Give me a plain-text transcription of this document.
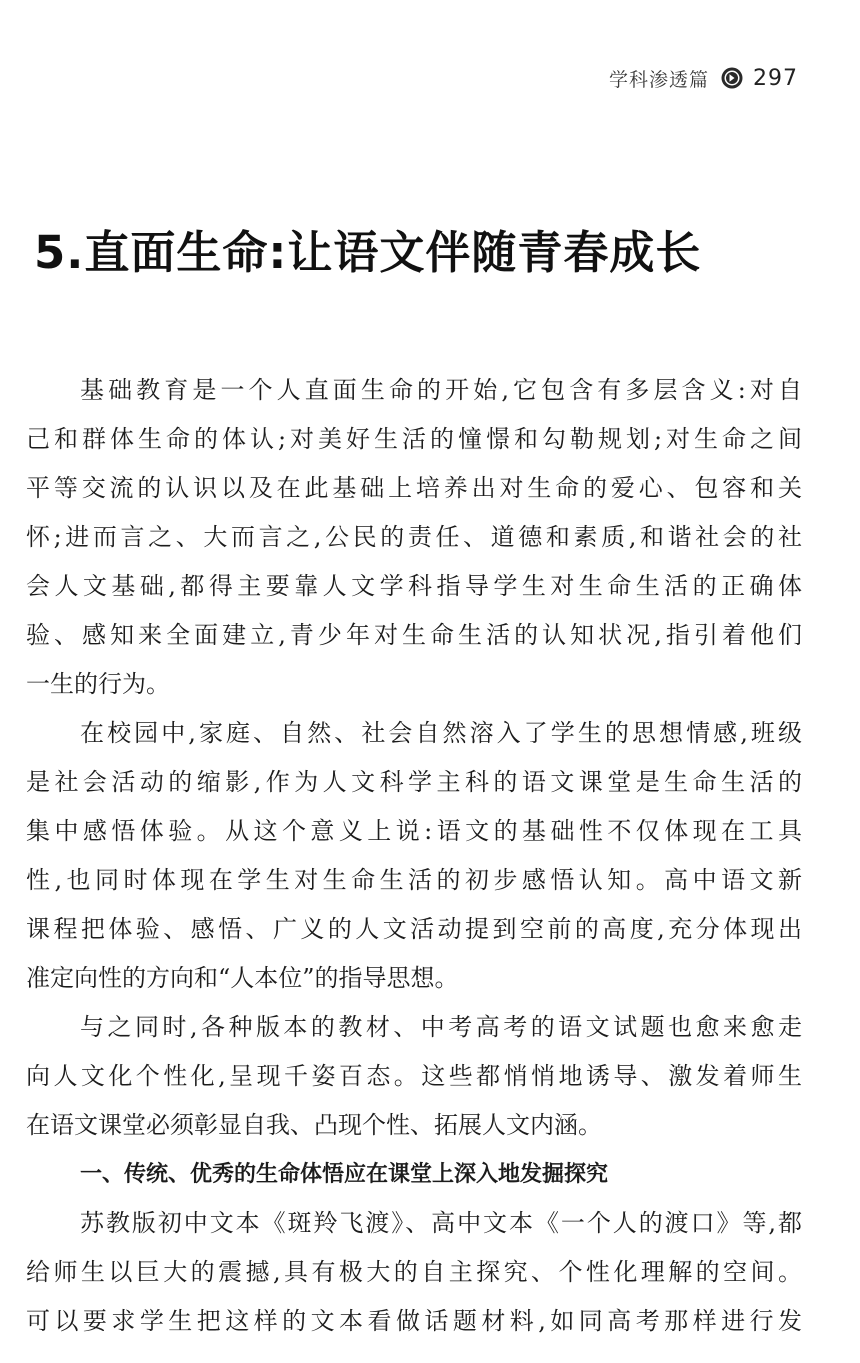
学科渗透篇 297
5.直面生命:让语文伴随青春成长
基础教育是一个人直面生命的开始,它包含有多层含义:对自
己和群体生命的体认;对美好生活的憧憬和勾勒规划;对生命之间
平等交流的认识以及在此基础上培养出对生命的爱心、包容和关
怀;进而言之、大而言之,公民的责任、道德和素质,和谐社会的社
会人文基础,都得主要靠人文学科指导学生对生命生活的正确体
验、感知来全面建立,青少年对生命生活的认知状况,指引着他们
一生的行为。
在校园中,家庭、自然、社会自然溶入了学生的思想情感,班级
是社会活动的缩影,作为人文科学主科的语文课堂是生命生活的
集中感悟体验。从这个意义上说:语文的基础性不仅体现在工具
性,也同时体现在学生对生命生活的初步感悟认知。高中语文新
课程把体验、感悟、广义的人文活动提到空前的高度,充分体现出
准定向性的方向和“人本位”的指导思想。
与之同时,各种版本的教材、中考高考的语文试题也愈来愈走
向人文化个性化,呈现千姿百态。这些都悄悄地诱导、激发着师生
在语文课堂必须彰显自我、凸现个性、拓展人文内涵。
一、传统、优秀的生命体悟应在课堂上深入地发掘探究
苏教版初中文本《斑羚飞渡》、高中文本《一个人的渡口》等,都
给师生以巨大的震撼,具有极大的自主探究、个性化理解的空间。
可以要求学生把这样的文本看做话题材料,如同高考那样进行发
